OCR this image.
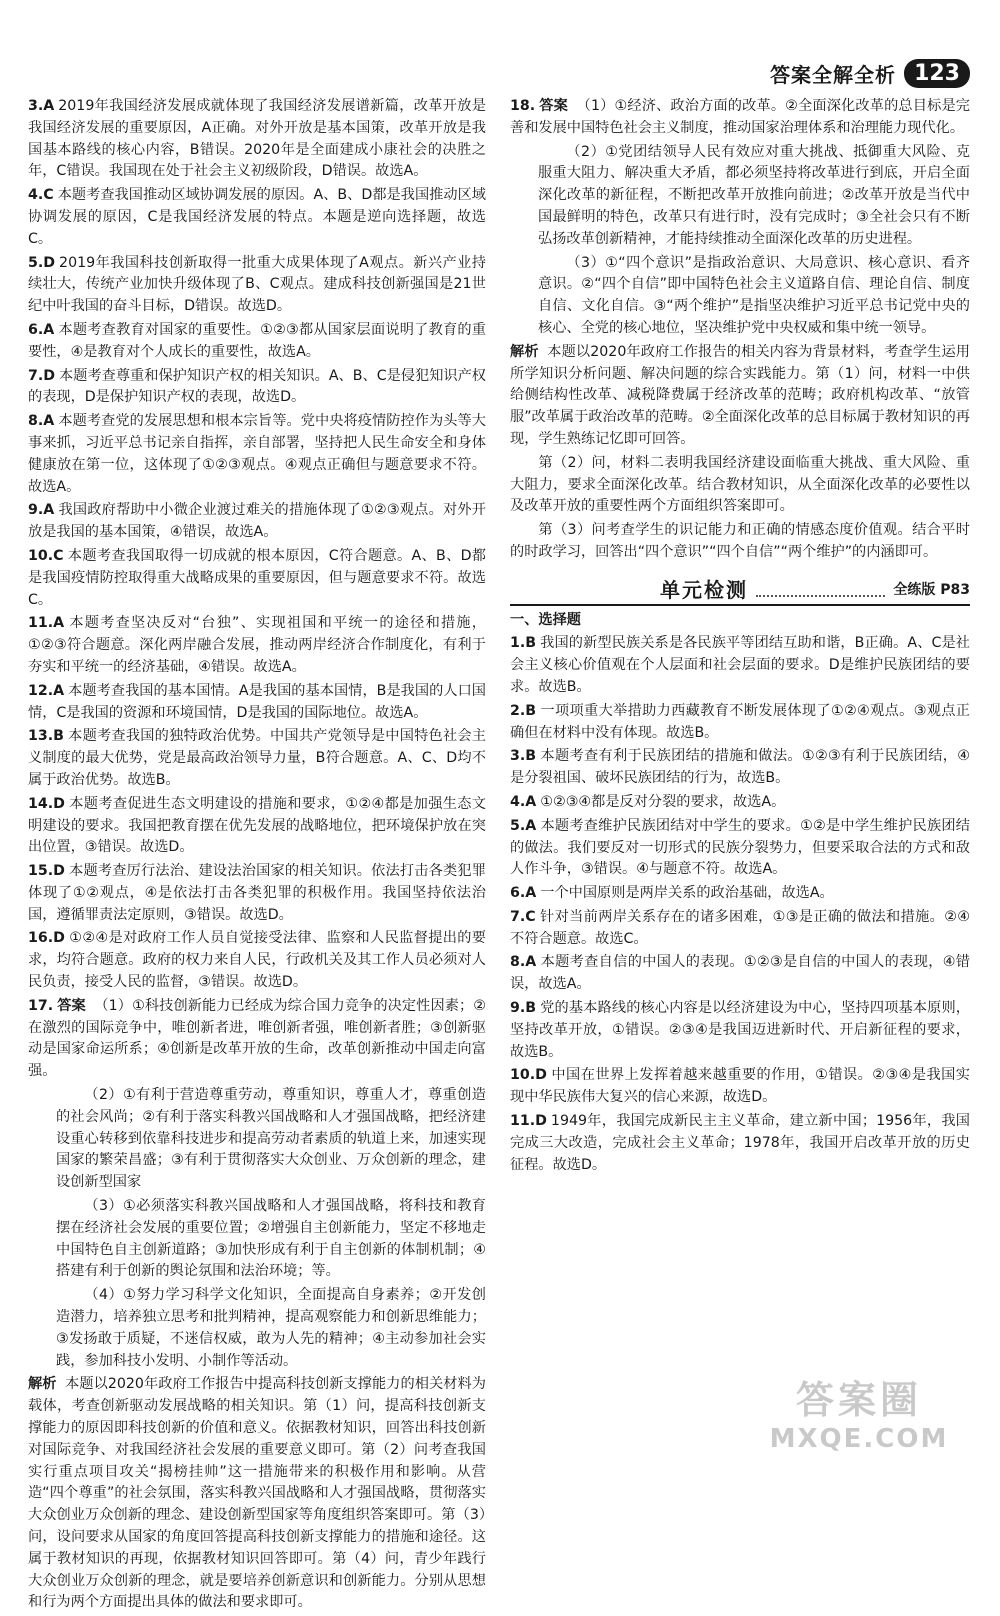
答案全解全析 123
3.A 2019年我国经济发展成就体现了我国经济发展谱新篇，改革开放是我国经济发展的重要原因，A正确。对外开放是基本国策，改革开放是我国基本路线的核心内容，B错误。2020年是全面建成小康社会的决胜之年，C错误。我国现在处于社会主义初级阶段，D错误。故选A。
4.C 本题考查我国推动区域协调发展的原因。A、B、D都是我国推动区域协调发展的原因，C是我国经济发展的特点。本题是逆向选择题，故选C。
5.D 2019年我国科技创新取得一批重大成果体现了A观点。新兴产业持续壮大，传统产业加快升级体现了B、C观点。建成科技创新强国是21世纪中叶我国的奋斗目标，D错误。故选D。
6.A 本题考查教育对国家的重要性。①②③都从国家层面说明了教育的重要性，④是教育对个人成长的重要性，故选A。
7.D 本题考查尊重和保护知识产权的相关知识。A、B、C是侵犯知识产权的表现，D是保护知识产权的表现，故选D。
8.A 本题考查党的发展思想和根本宗旨等。党中央将疫情防控作为头等大事来抓，习近平总书记亲自指挥，亲自部署，坚持把人民生命安全和身体健康放在第一位，这体现了①②③观点。④观点正确但与题意要求不符。故选A。
9.A 我国政府帮助中小微企业渡过难关的措施体现了①②③观点。对外开放是我国的基本国策，④错误，故选A。
10.C 本题考查我国取得一切成就的根本原因，C符合题意。A、B、D都是我国疫情防控取得重大战略成果的重要原因，但与题意要求不符。故选C。
11.A 本题考查坚决反对“台独”、实现祖国和平统一的途径和措施，①②③符合题意。深化两岸融合发展，推动两岸经济合作制度化，有利于夯实和平统一的经济基础，④错误。故选A。
12.A 本题考查我国的基本国情。A是我国的基本国情，B是我国的人口国情，C是我国的资源和环境国情，D是我国的国际地位。故选A。
13.B 本题考查我国的独特政治优势。中国共产党领导是中国特色社会主义制度的最大优势，党是最高政治领导力量，B符合题意。A、C、D均不属于政治优势。故选B。
14.D 本题考查促进生态文明建设的措施和要求，①②④都是加强生态文明建设的要求。我国把教育摆在优先发展的战略地位，把环境保护放在突出位置，③错误。故选D。
15.D 本题考查厉行法治、建设法治国家的相关知识。依法打击各类犯罪体现了①②观点，④是依法打击各类犯罪的积极作用。我国坚持依法治国，遵循罪责法定原则，③错误。故选D。
16.D ①②④是对政府工作人员自觉接受法律、监察和人民监督提出的要求，均符合题意。政府的权力来自人民，行政机关及其工作人员必须对人民负责，接受人民的监督，③错误。故选D。
17. 答案 （1）①科技创新能力已经成为综合国力竞争的决定性因素；②在激烈的国际竞争中，唯创新者进，唯创新者强，唯创新者胜；③创新驱动是国家命运所系；④创新是改革开放的生命，改革创新推动中国走向富强。

（2）①有利于营造尊重劳动，尊重知识，尊重人才，尊重创造的社会风尚；②有利于落实科教兴国战略和人才强国战略，把经济建设重心转移到依靠科技进步和提高劳动者素质的轨道上来，加速实现国家的繁荣昌盛；③有利于贯彻落实大众创业、万众创新的理念，建设创新型国家

（3）①必须落实科教兴国战略和人才强国战略，将科技和教育摆在经济社会发展的重要位置；②增强自主创新能力，坚定不移地走中国特色自主创新道路；③加快形成有利于自主创新的体制机制；④搭建有利于创新的舆论氛围和法治环境；等。

（4）①努力学习科学文化知识，全面提高自身素养；②开发创造潜力，培养独立思考和批判精神，提高观察能力和创新思维能力；③发扬敢于质疑，不迷信权威，敢为人先的精神；④主动参加社会实践，参加科技小发明、小制作等活动。

解析 本题以2020年政府工作报告中提高科技创新支撑能力的相关材料为载体，考查创新驱动发展战略的相关知识。第（1）问，提高科技创新支撑能力的原因即科技创新的价值和意义。依据教材知识，回答出科技创新对国际竞争、对我国经济社会发展的重要意义即可。第（2）问考查我国实行重点项目攻关“揭榜挂帅”这一措施带来的积极作用和影响。从营造“四个尊重”的社会氛围，落实科教兴国战略和人才强国战略，贯彻落实大众创业万众创新的理念、建设创新型国家等角度组织答案即可。第（3）问，设问要求从国家的角度回答提高科技创新支撑能力的措施和途径。这属于教材知识的再现，依据教材知识回答即可。第（4）问，青少年践行大众创业万众创新的理念，就是要培养创新意识和创新能力。分别从思想和行为两个方面提出具体的做法和要求即可。
18. 答案 （1）①经济、政治方面的改革。②全面深化改革的总目标是完善和发展中国特色社会主义制度，推动国家治理体系和治理能力现代化。

（2）①党团结领导人民有效应对重大挑战、抵御重大风险、克服重大阻力、解决重大矛盾，都必须坚持将改革进行到底，开启全面深化改革的新征程，不断把改革开放推向前进；②改革开放是当代中国最鲜明的特色，改革只有进行时，没有完成时；③全社会只有不断弘扬改革创新精神，才能持续推动全面深化改革的历史进程。

（3）①“四个意识”是指政治意识、大局意识、核心意识、看齐意识。②“四个自信”即中国特色社会主义道路自信、理论自信、制度自信、文化自信。③“两个维护”是指坚决维护习近平总书记党中央的核心、全党的核心地位，坚决维护党中央权威和集中统一领导。

解析 本题以2020年政府工作报告的相关内容为背景材料，考查学生运用所学知识分析问题、解决问题的综合实践能力。第（1）问，材料一中供给侧结构性改革、减税降费属于经济改革的范畴；政府机构改革、“放管服”改革属于政治改革的范畴。②全面深化改革的总目标属于教材知识的再现，学生熟练记忆即可回答。

第（2）问，材料二表明我国经济建设面临重大挑战、重大风险、重大阻力，要求全面深化改革。结合教材知识，从全面深化改革的必要性以及改革开放的重要性两个方面组织答案即可。

第（3）问考查学生的识记能力和正确的情感态度价值观。结合平时的时政学习，回答出“四个意识”“四个自信”“两个维护”的内涵即可。

单元检测	全练版 P83
一、选择题
1.B 我国的新型民族关系是各民族平等团结互助和谐，B正确。A、C是社会主义核心价值观在个人层面和社会层面的要求。D是维护民族团结的要求。故选B。
2.B 一项项重大举措助力西藏教育不断发展体现了①②④观点。③观点正确但在材料中没有体现。故选B。
3.B 本题考查有利于民族团结的措施和做法。①②③有利于民族团结，④是分裂祖国、破坏民族团结的行为，故选B。
4.A ①②③④都是反对分裂的要求，故选A。
5.A 本题考查维护民族团结对中学生的要求。①②是中学生维护民族团结的做法。我们要反对一切形式的民族分裂势力，但要采取合法的方式和敌人作斗争，③错误。④与题意不符。故选A。
6.A 一个中国原则是两岸关系的政治基础，故选A。
7.C 针对当前两岸关系存在的诸多困难，①③是正确的做法和措施。②④不符合题意。故选C。
8.A 本题考查自信的中国人的表现。①②③是自信的中国人的表现，④错误，故选A。
9.B 党的基本路线的核心内容是以经济建设为中心，坚持四项基本原则，坚持改革开放，①错误。②③④是我国迈进新时代、开启新征程的要求，故选B。
10.D 中国在世界上发挥着越来越重要的作用，①错误。②③④是我国实现中华民族伟大复兴的信心来源，故选D。
11.D 1949年，我国完成新民主主义革命，建立新中国；1956年，我国完成三大改造，完成社会主义革命；1978年，我国开启改革开放的历史征程。故选D。
答案圈
MXQE.COM
